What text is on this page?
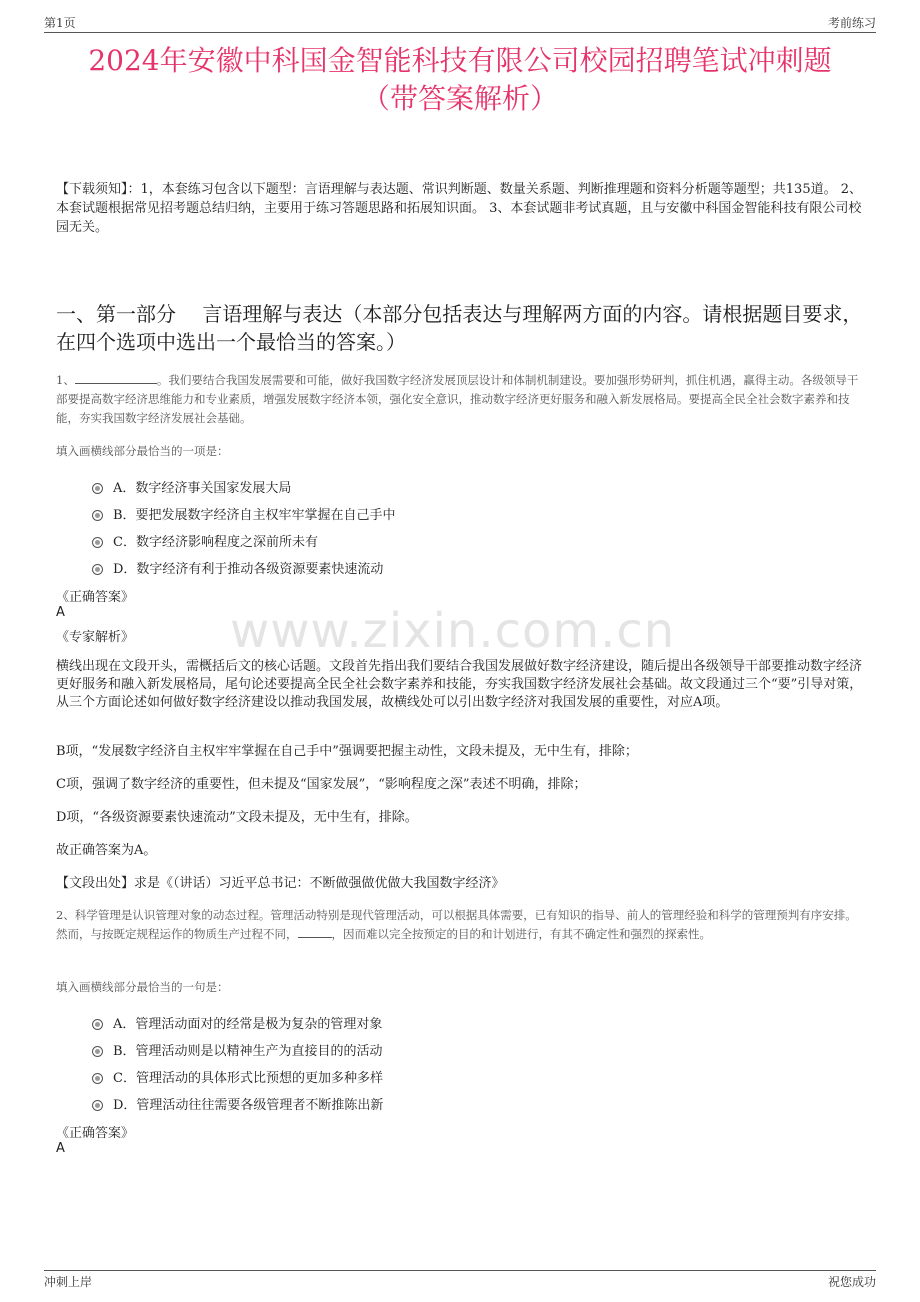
第1页	考前练习
2024年安徽中科国金智能科技有限公司校园招聘笔试冲刺题
（带答案解析）
【下载须知】：1，本套练习包含以下题型：言语理解与表达题、常识判断题、数量关系题、判断推理题和资料分析题等题型；共135道。 2、本套试题根据常见招考题总结归纳，主要用于练习答题思路和拓展知识面。 3、本套试题非考试真题，且与安徽中科国金智能科技有限公司校园无关。
一、第一部分　 言语理解与表达（本部分包括表达与理解两方面的内容。请根据题目要求，在四个选项中选出一个最恰当的答案。）
www.zixin.com.cn
1、	。我们要结合我国发展需要和可能，做好我国数字经济发展顶层设计和体制机制建设。要加强形势研判，抓住机遇，赢得主动。各级领导干部要提高数字经济思维能力和专业素质，增强发展数字经济本领，强化安全意识，推动数字经济更好服务和融入新发展格局。要提高全民全社会数字素养和技能，夯实我国数字经济发展社会基础。
填入画横线部分最恰当的一项是：
A．数字经济事关国家发展大局
B．要把发展数字经济自主权牢牢掌握在自己手中
C．数字经济影响程度之深前所未有
D．数字经济有利于推动各级资源要素快速流动
《正确答案》
A
《专家解析》
横线出现在文段开头，需概括后文的核心话题。文段首先指出我们要结合我国发展做好数字经济建设，随后提出各级领导干部要推动数字经济更好服务和融入新发展格局，尾句论述要提高全民全社会数字素养和技能，夯实我国数字经济发展社会基础。故文段通过三个“要”引导对策，从三个方面论述如何做好数字经济建设以推动我国发展，故横线处可以引出数字经济对我国发展的重要性，对应A项。
B项，“发展数字经济自主权牢牢掌握在自己手中”强调要把握主动性，文段未提及，无中生有，排除；
C项，强调了数字经济的重要性，但未提及“国家发展”，“影响程度之深”表述不明确，排除；
D项，“各级资源要素快速流动”文段未提及，无中生有，排除。
故正确答案为A。
【文段出处】求是《（讲话）习近平总书记：不断做强做优做大我国数字经济》
2、科学管理是认识管理对象的动态过程。管理活动特别是现代管理活动，可以根据具体需要，已有知识的指导、前人的管理经验和科学的管理预判有序安排。然而，与按既定规程运作的物质生产过程不同，	，因而难以完全按预定的目的和计划进行，有其不确定性和强烈的探索性。
填入画横线部分最恰当的一句是：
A．管理活动面对的经常是极为复杂的管理对象
B．管理活动则是以精神生产为直接目的的活动
C．管理活动的具体形式比预想的更加多种多样
D．管理活动往往需要各级管理者不断推陈出新
《正确答案》
A
冲刺上岸	祝您成功
